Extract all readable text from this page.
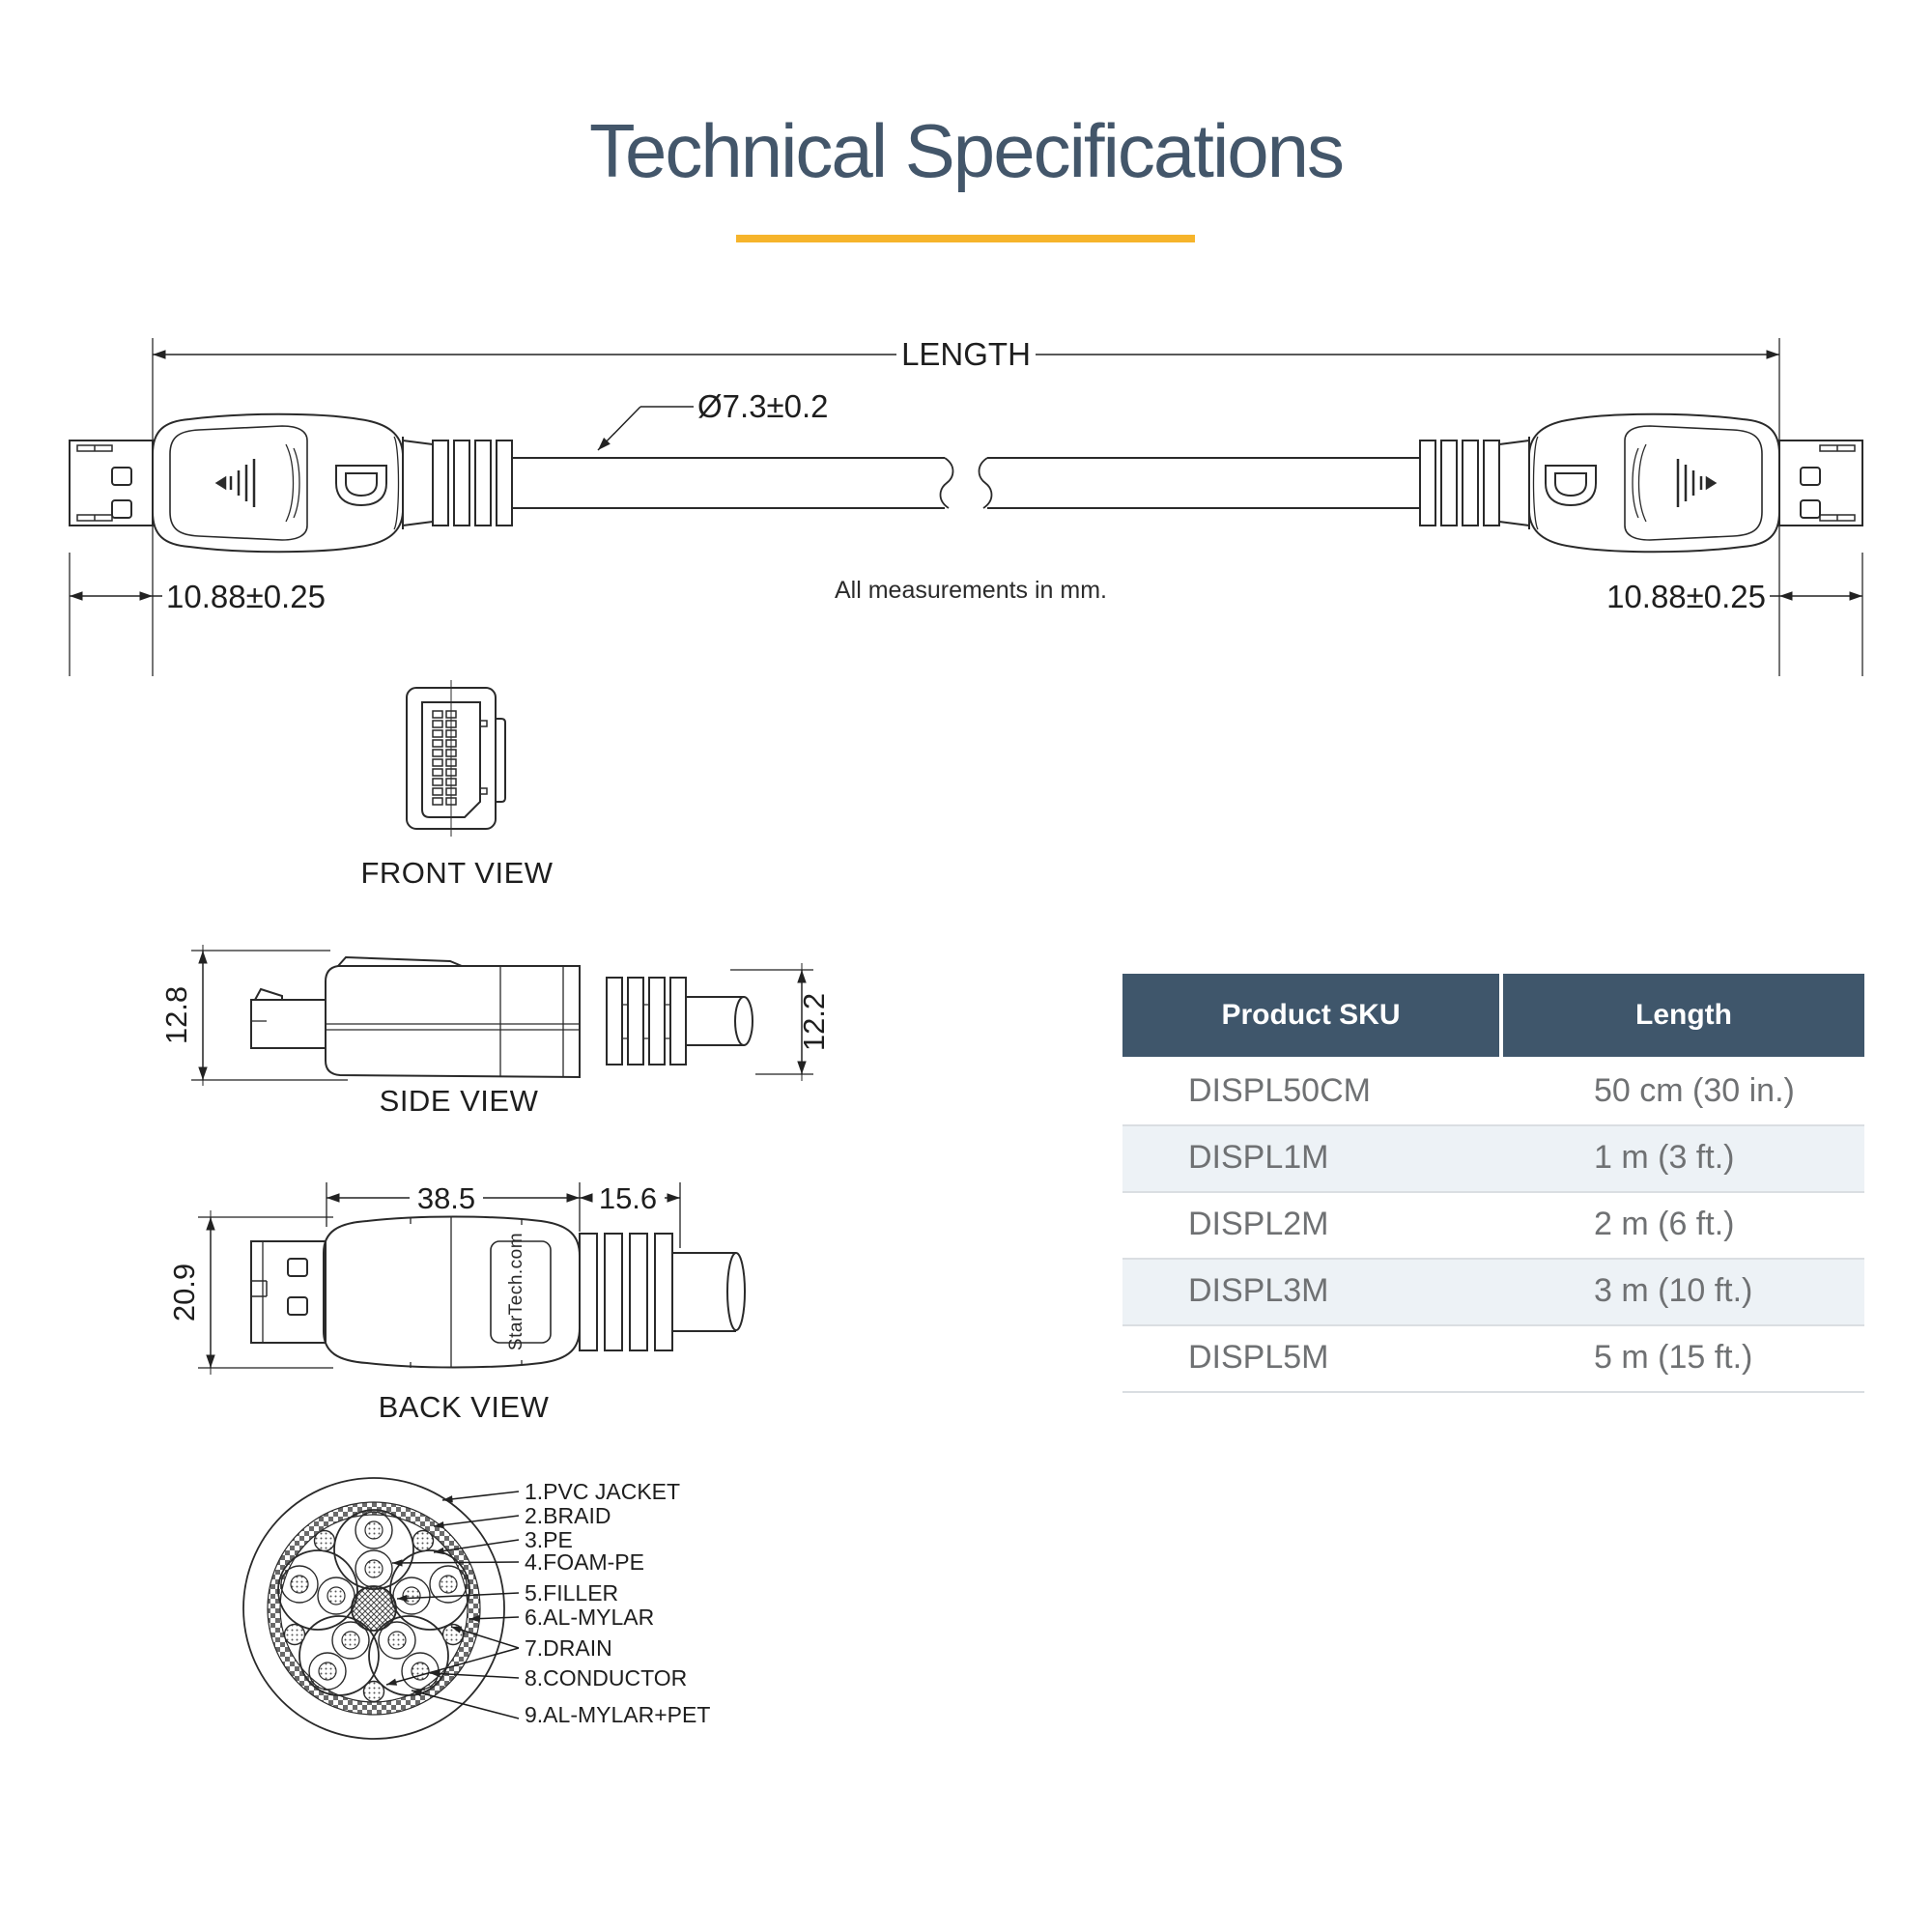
Technical Specifications
LENGTH
Ø7.3±0.2
10.88±0.25	10.88±0.25
All measurements in mm.
FRONT VIEW
12.8	12.2
SIDE VIEW
StarTech.com
38.5	15.6
20.9
BACK VIEW
1.PVC JACKET
2.BRAID
3.PE
4.FOAM-PE
5.FILLER
6.AL-MYLAR
7.DRAIN
8.CONDUCTOR
9.AL-MYLAR+PET
Product SKU	Length
DISPL50CM	50 cm (30 in.)
DISPL1M	1 m (3 ft.)
DISPL2M	2 m (6 ft.)
DISPL3M	3 m (10 ft.)
DISPL5M	5 m (15 ft.)
